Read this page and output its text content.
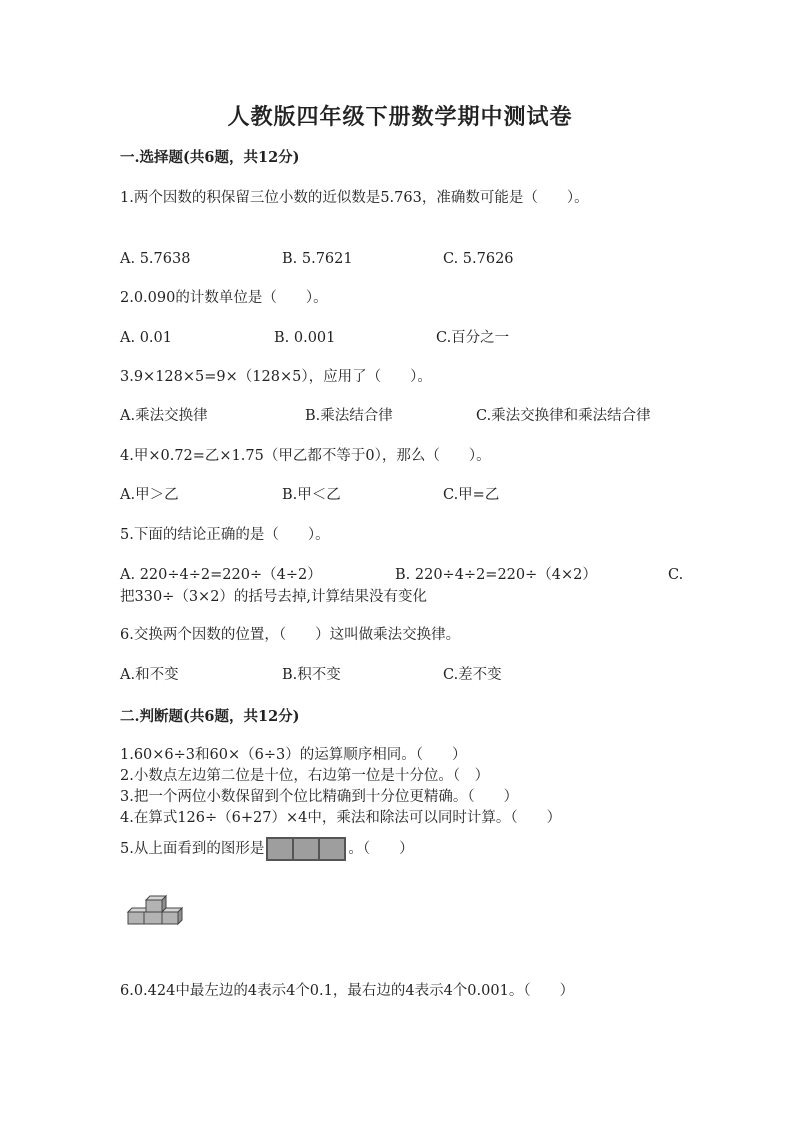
人教版四年级下册数学期中测试卷
一.选择题(共6题，共12分)
1.两个因数的积保留三位小数的近似数是5.763，准确数可能是（　　）。
A. 5.7638	B. 5.7621	C. 5.7626
2.0.090的计数单位是（　　）。
A. 0.01	B. 0.001	C.百分之一
3.9×128×5=9×（128×5），应用了（　　）。
A.乘法交换律	B.乘法结合律	C.乘法交换律和乘法结合律
4.甲×0.72=乙×1.75（甲乙都不等于0），那么（　　）。
A.甲＞乙	B.甲＜乙	C.甲=乙
5.下面的结论正确的是（　　）。
A. 220÷4÷2=220÷（4÷2）	B. 220÷4÷2=220÷（4×2）	C.
把330÷（3×2）的括号去掉,计算结果没有变化
6.交换两个因数的位置，（　　）这叫做乘法交换律。
A.和不变	B.积不变	C.差不变
二.判断题(共6题，共12分)
1.60×6÷3和60×（6÷3）的运算顺序相同。（　　）
2.小数点左边第二位是十位，右边第一位是十分位。（　）
3.把一个两位小数保留到个位比精确到十分位更精确。（　　）
4.在算式126÷（6+27）×4中，乘法和除法可以同时计算。（　　）
5.从上面看到的图形是	。（　　）
6.0.424中最左边的4表示4个0.1，最右边的4表示4个0.001。（　　）
